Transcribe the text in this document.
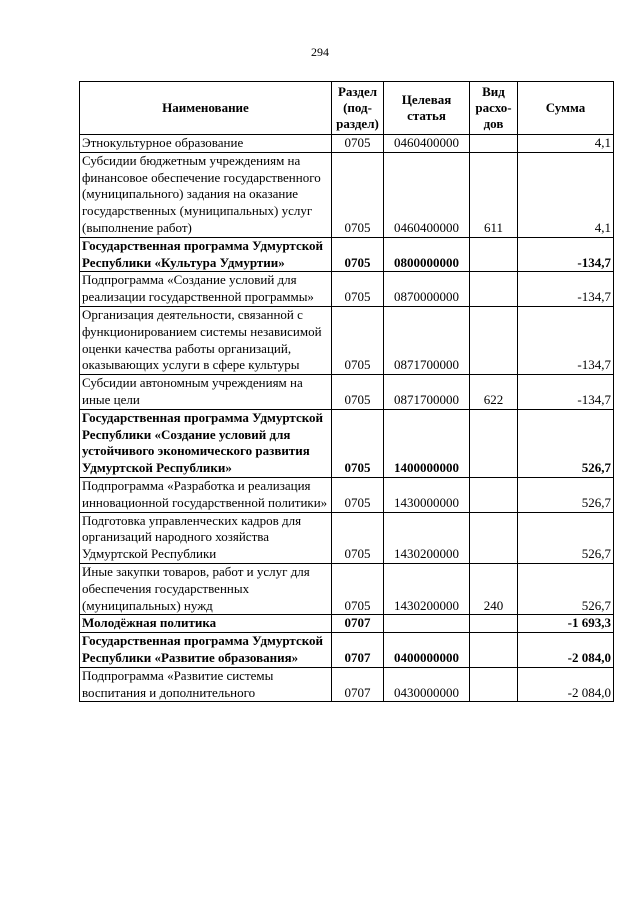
294
Наименование	Раздел (под-раздел)	Целевая статья	Вид расхо-дов	Сумма
Этнокультурное образование	0705	0460400000		4,1
Субсидии бюджетным учреждениям на финансовое обеспечение государственного (муниципального) задания на оказание государственных (муниципальных) услуг (выполнение работ)	0705	0460400000	611	4,1
Государственная программа Удмуртской Республики «Культура Удмуртии»	0705	0800000000		-134,7
Подпрограмма «Создание условий для реализации государственной программы»	0705	0870000000		-134,7
Организация деятельности, связанной с функционированием системы независимой оценки качества работы организаций, оказывающих услуги в сфере культуры	0705	0871700000		-134,7
Субсидии автономным учреждениям на иные цели	0705	0871700000	622	-134,7
Государственная программа Удмуртской Республики «Создание условий для устойчивого экономического развития Удмуртской Республики»	0705	1400000000		526,7
Подпрограмма «Разработка и реализация инновационной государственной политики»	0705	1430000000		526,7
Подготовка управленческих кадров для организаций народного хозяйства Удмуртской Республики	0705	1430200000		526,7
Иные закупки товаров, работ и услуг для обеспечения государственных (муниципальных) нужд	0705	1430200000	240	526,7
Молодёжная политика	0707			-1 693,3
Государственная программа Удмуртской Республики «Развитие образования»	0707	0400000000		-2 084,0
Подпрограмма «Развитие системы воспитания и дополнительного	0707	0430000000		-2 084,0
